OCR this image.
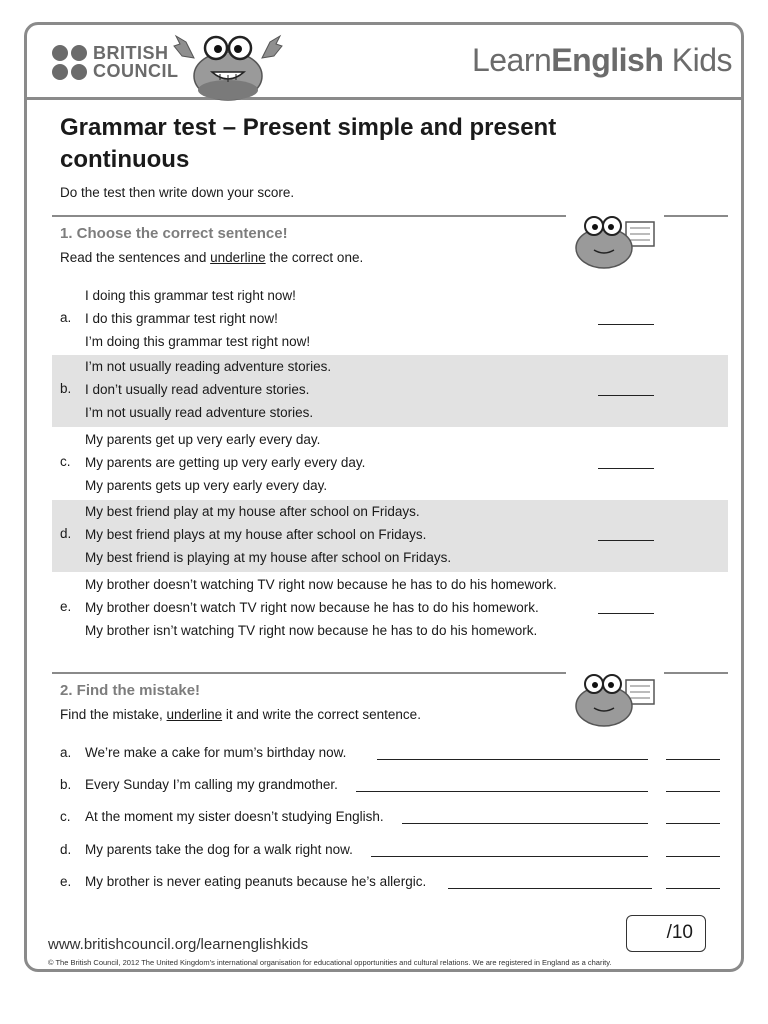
BRITISH
COUNCIL	LearnEnglish Kids
Grammar test – Present simple and present continuous
Do the test then write down your score.
1. Choose the correct sentence!
Read the sentences and underline the correct one.
a.
I doing this grammar test right now!
I do this grammar test right now!
I’m doing this grammar test right now!
b.
I’m not usually reading adventure stories.
I don’t usually read adventure stories.
I’m not usually read adventure stories.
c.
My parents get up very early every day.
My parents are getting up very early every day.
My parents gets up very early every day.
d.
My best friend play at my house after school on Fridays.
My best friend plays at my house after school on Fridays.
My best friend is playing at my house after school on Fridays.
e.
My brother doesn’t watching TV right now because he has to do his homework.
My brother doesn’t watch TV right now because he has to do his homework.
My brother isn’t watching TV right now because he has to do his homework.
2. Find the mistake!
Find the mistake, underline it and write the correct sentence.
a. We’re make a cake for mum’s birthday now.
b. Every Sunday I’m calling my grandmother.
c. At the moment my sister doesn’t studying English.
d. My parents take the dog for a walk right now.
e. My brother is never eating peanuts because he’s allergic.
www.britishcouncil.org/learnenglishkids
© The British Council, 2012 The United Kingdom’s international organisation for educational opportunities and cultural relations. We are registered in England as a charity.
/10
